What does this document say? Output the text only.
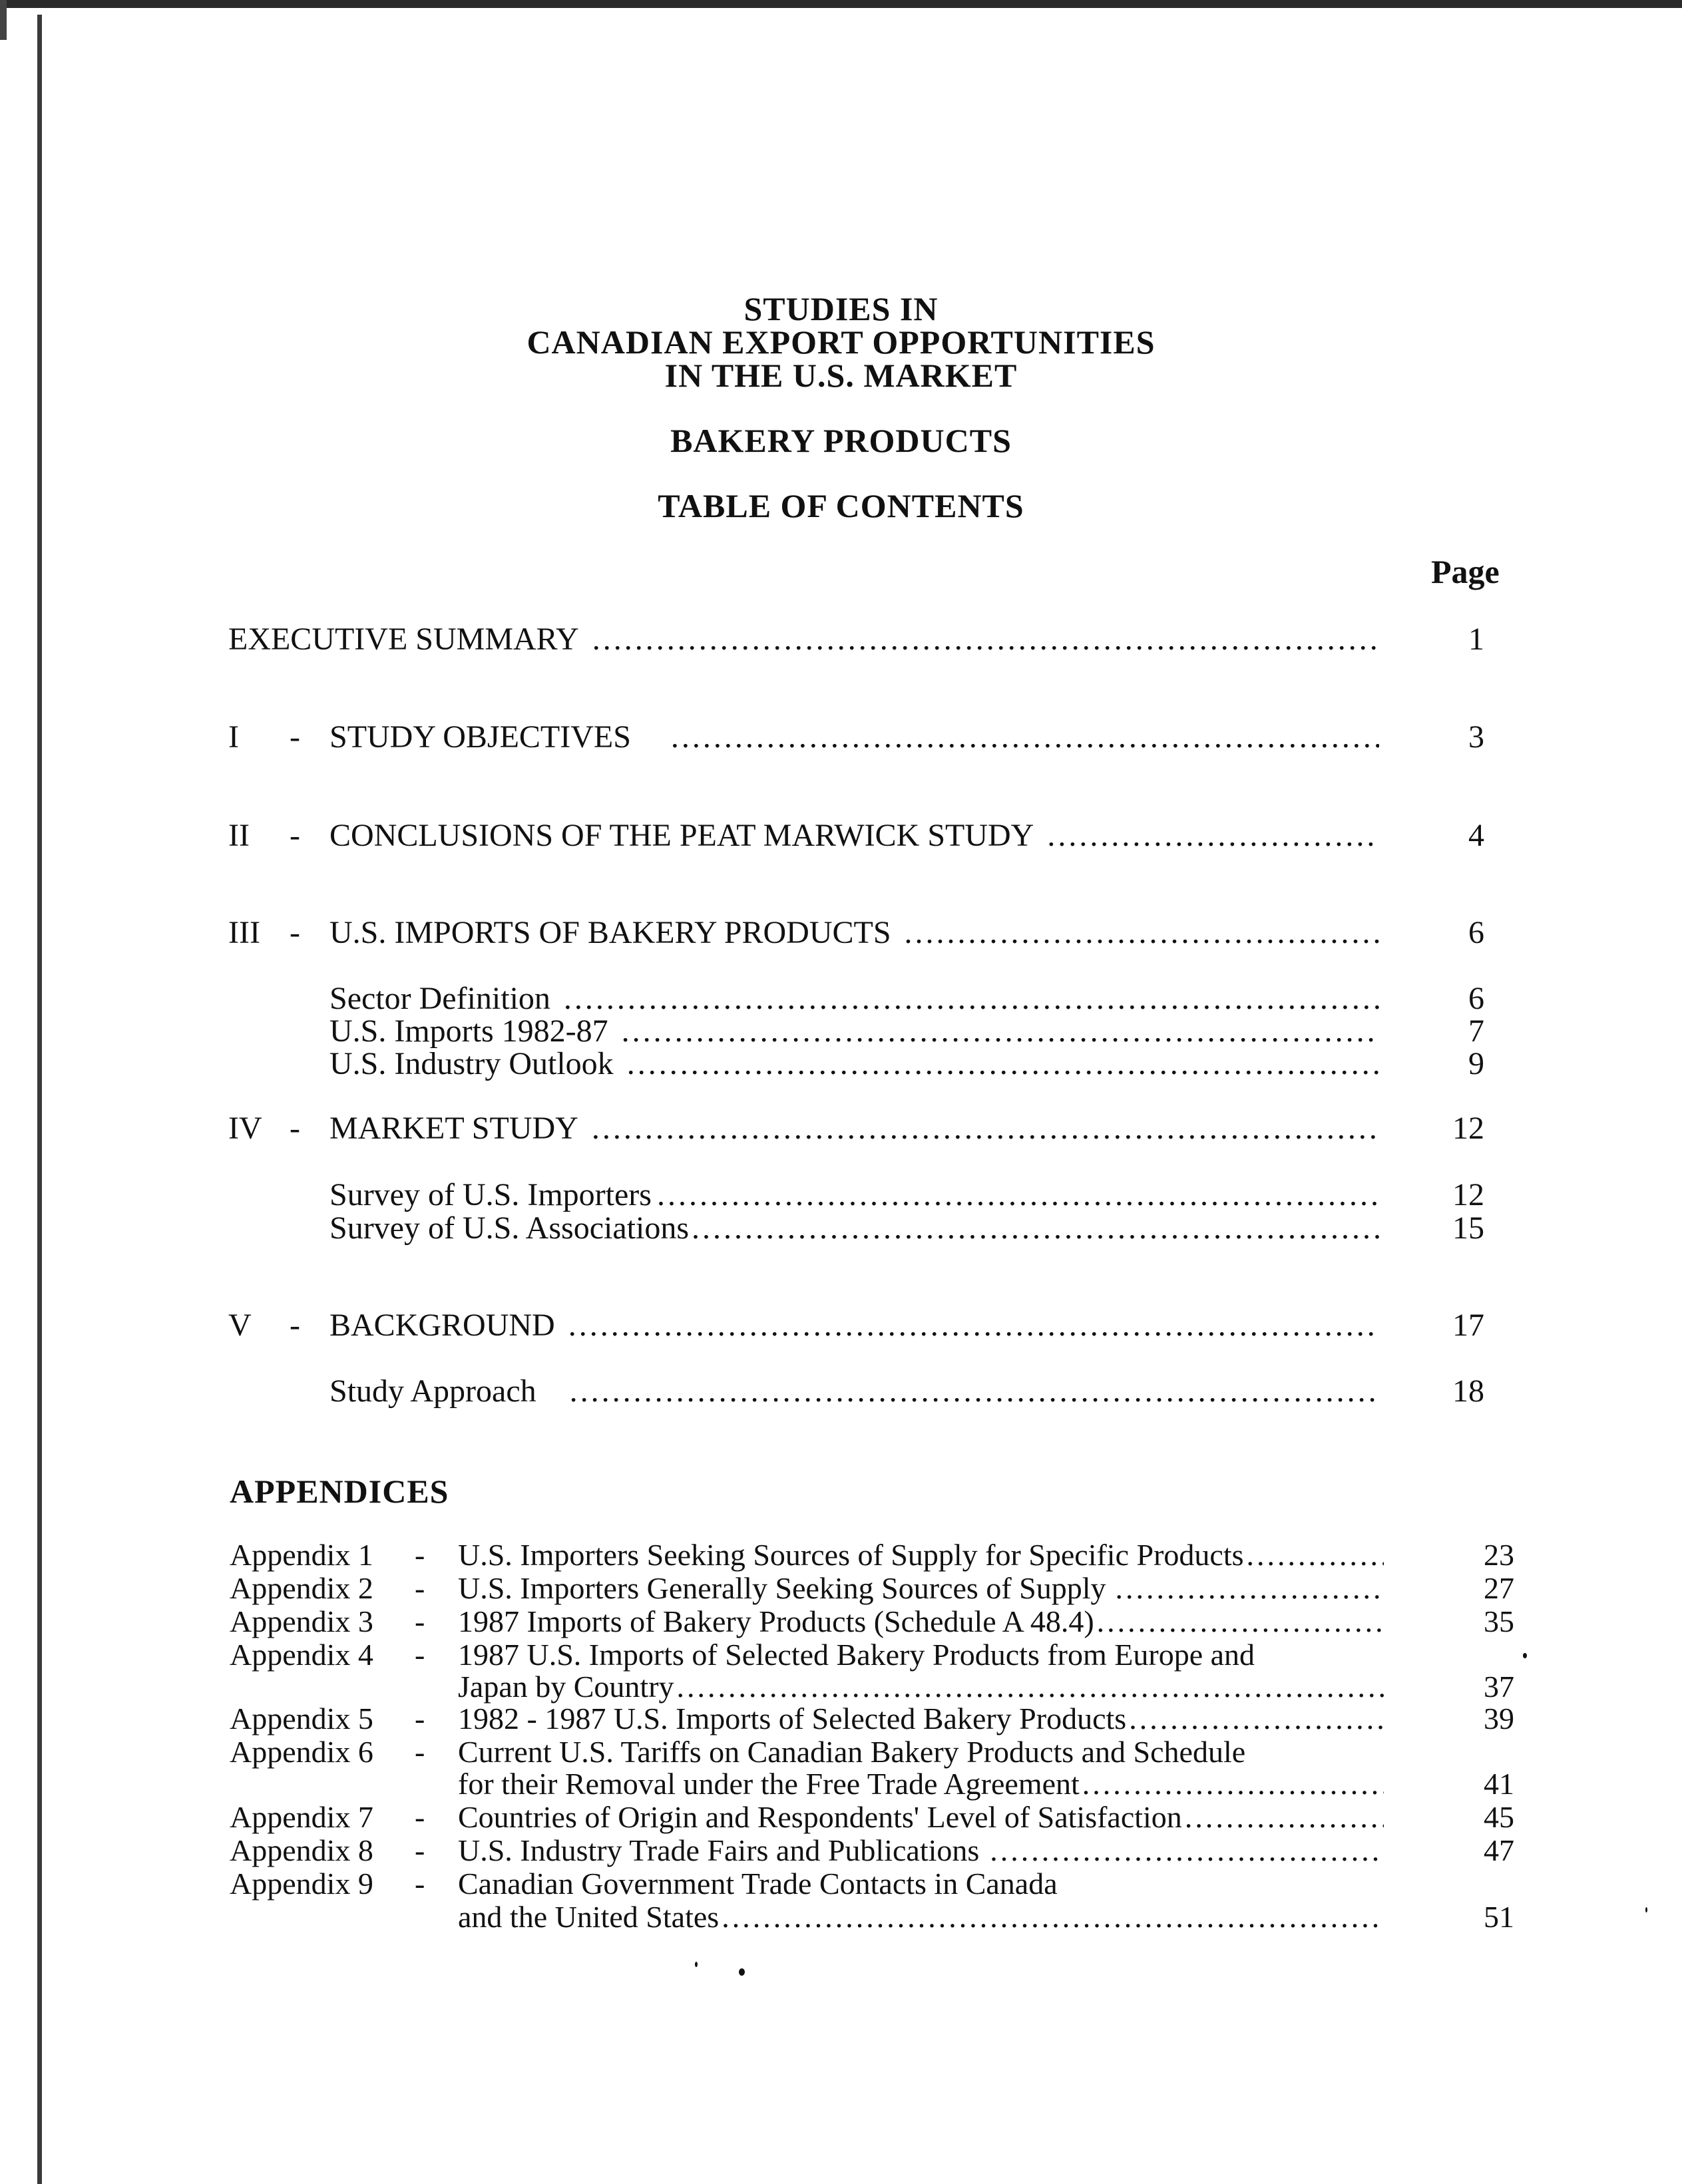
STUDIES IN
CANADIAN EXPORT OPPORTUNITIES
IN THE U.S. MARKET
BAKERY PRODUCTS
TABLE OF CONTENTS
Page
EXECUTIVE SUMMARY .....	1
I - STUDY OBJECTIVES .....	3
II - CONCLUSIONS OF THE PEAT MARWICK STUDY .....	4
III - U.S. IMPORTS OF BAKERY PRODUCTS .....	6
Sector Definition .....	6
U.S. Imports 1982-87 .....	7
U.S. Industry Outlook .....	9
IV - MARKET STUDY .....	12
Survey of U.S. Importers .....	12
Survey of U.S. Associations .....	15
V - BACKGROUND .....	17
Study Approach .....	18
APPENDICES
Appendix 1 - U.S. Importers Seeking Sources of Supply for Specific Products .....	23
Appendix 2 - U.S. Importers Generally Seeking Sources of Supply .....	27
Appendix 3 - 1987 Imports of Bakery Products (Schedule A 48.4) .....	35
Appendix 4 - 1987 U.S. Imports of Selected Bakery Products from Europe and
Japan by Country .....	37
Appendix 5 - 1982 - 1987 U.S. Imports of Selected Bakery Products .....	39
Appendix 6 - Current U.S. Tariffs on Canadian Bakery Products and Schedule
for their Removal under the Free Trade Agreement .....	41
Appendix 7 - Countries of Origin and Respondents' Level of Satisfaction .....	45
Appendix 8 - U.S. Industry Trade Fairs and Publications .....	47
Appendix 9 - Canadian Government Trade Contacts in Canada
and the United States .....	51
